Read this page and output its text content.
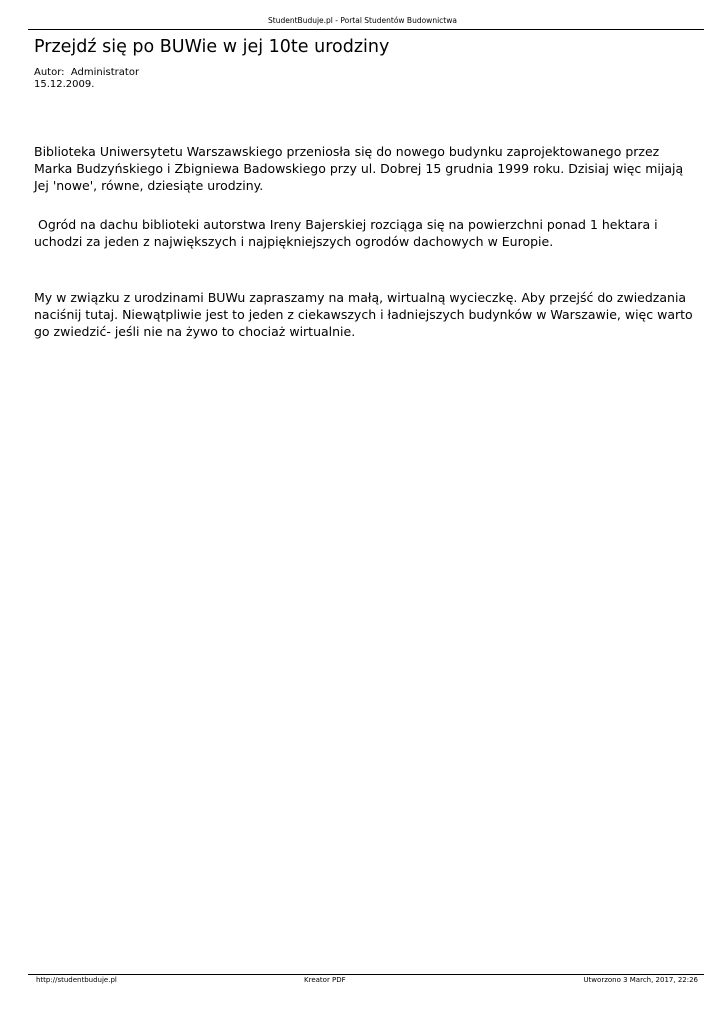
StudentBuduje.pl - Portal Studentów Budownictwa
Przejdź się po BUWie w jej 10te urodziny
Autor:  Administrator
15.12.2009.

Biblioteka Uniwersytetu Warszawskiego przeniosła się do nowego budynku zaprojektowanego przez
Marka Budzyńskiego i Zbigniewa Badowskiego przy ul. Dobrej 15 grudnia 1999 roku. Dzisiaj więc mijają
Jej 'nowe', równe, dziesiąte urodziny.

Ogród na dachu biblioteki autorstwa Ireny Bajerskiej rozciąga się na powierzchni ponad 1 hektara i
uchodzi za jeden z największych i najpiękniejszych ogrodów dachowych w Europie.

My w związku z urodzinami BUWu zapraszamy na małą, wirtualną wycieczkę. Aby przejść do zwiedzania
naciśnij tutaj. Niewątpliwie jest to jeden z ciekawszych i ładniejszych budynków w Warszawie, więc warto
go zwiedzić- jeśli nie na żywo to chociaż wirtualnie.

http://studentbuduje.pl	Kreator PDF	Utworzono 3 March, 2017, 22:26
